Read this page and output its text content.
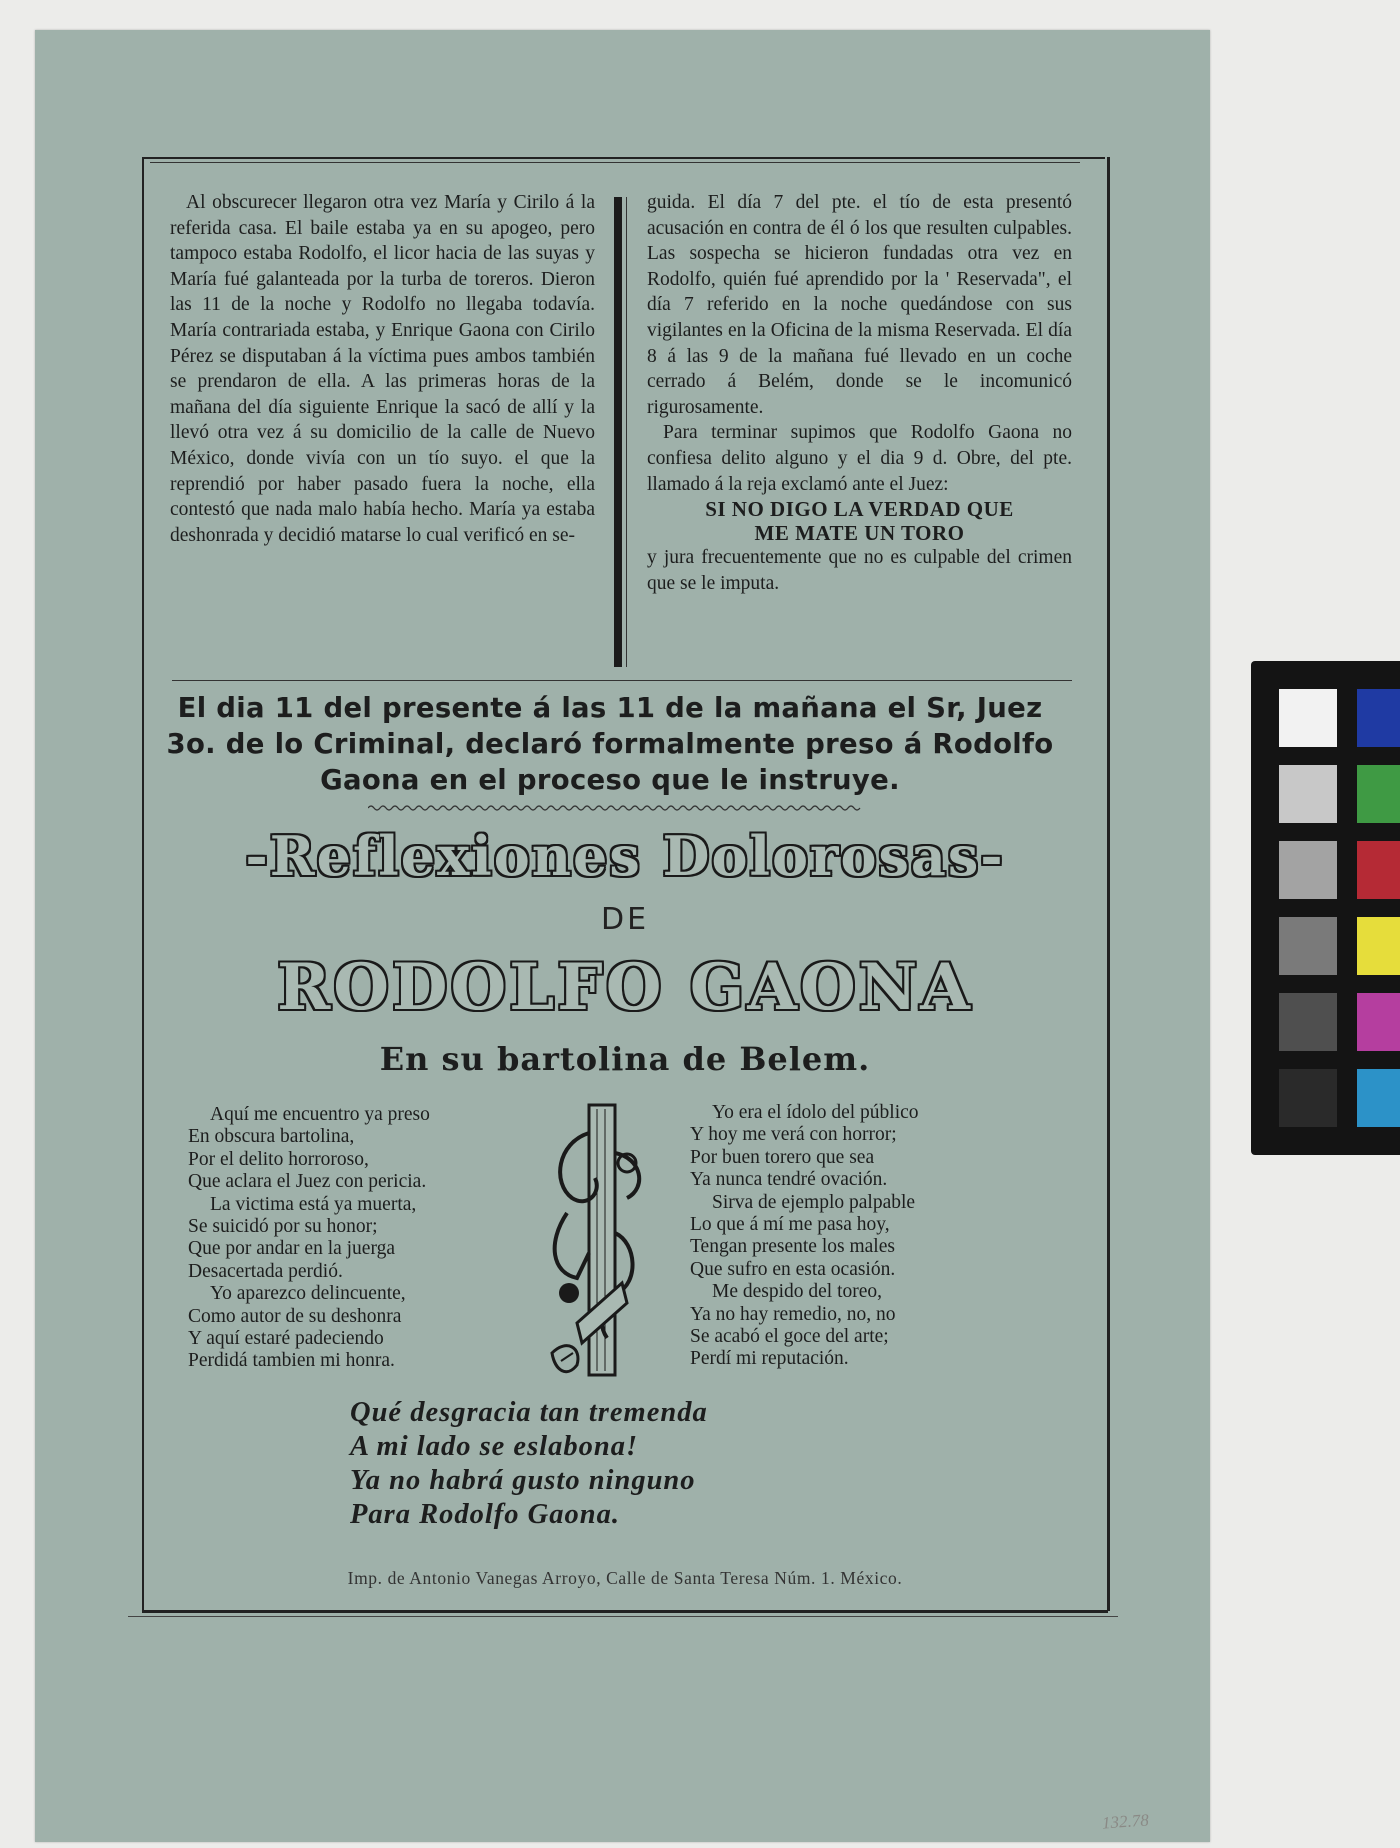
Al obscurecer llegaron otra vez María y Cirilo á la referida casa. El baile estaba ya en su apogeo, pero tampoco estaba Rodolfo, el licor hacia de las suyas y María fué galanteada por la turba de toreros. Dieron las 11 de la noche y Rodolfo no llegaba todavía. María contrariada estaba, y Enrique Gaona con Cirilo Pérez se disputaban á la víctima pues ambos también se prendaron de ella. A las primeras horas de la mañana del día siguiente Enrique la sacó de allí y la llevó otra vez á su domicilio de la calle de Nuevo México, donde vivía con un tío suyo. el que la reprendió por haber pasado fuera la noche, ella contestó que nada malo había hecho. María ya estaba deshonrada y decidió matarse lo cual verificó en se-

guida. El día 7 del pte. el tío de esta presentó acusación en contra de él ó los que resulten culpables. Las sospecha se hicieron fundadas otra vez en Rodolfo, quién fué aprendido por la ' Reservada", el día 7 referido en la noche quedándose con sus vigilantes en la Oficina de la misma Reservada. El día 8 á las 9 de la mañana fué llevado en un coche cerrado á Belém, donde se le incomunicó rigurosamente.

Para terminar supimos que Rodolfo Gaona no confiesa delito alguno y el dia 9 d. Obre, del pte. llamado á la reja exclamó ante el Juez:

SI NO DIGO LA VERDAD QUE
ME MATE UN TORO

y jura frecuentemente que no es culpable del crimen que se le imputa.

El dia 11 del presente á las 11 de la mañana el Sr, Juez 3o. de lo Criminal, declaró formalmente preso á Rodolfo Gaona en el proceso que le instruye.
-Reflexiones Dolorosas-
DE
RODOLFO GAONA
En su bartolina de Belem.
Aquí me encuentro ya preso
En obscura bartolina,
Por el delito horroroso,
Que aclara el Juez con pericia.
La victima está ya muerta,
Se suicidó por su honor;
Que por andar en la juerga
Desacertada perdió.
Yo aparezco delincuente,
Como autor de su deshonra
Y aquí estaré padeciendo
Perdidá tambien mi honra.
Yo era el ídolo del público
Y hoy me verá con horror;
Por buen torero que sea
Ya nunca tendré ovación.
Sirva de ejemplo palpable
Lo que á mí me pasa hoy,
Tengan presente los males
Que sufro en esta ocasión.
Me despido del toreo,
Ya no hay remedio, no, no
Se acabó el goce del arte;
Perdí mi reputación.
Qué desgracia tan tremenda
A mi lado se eslabona!
Ya no habrá gusto ninguno
Para Rodolfo Gaona.
Imp. de Antonio Vanegas Arroyo, Calle de Santa Teresa Núm. 1. México.
132.78
